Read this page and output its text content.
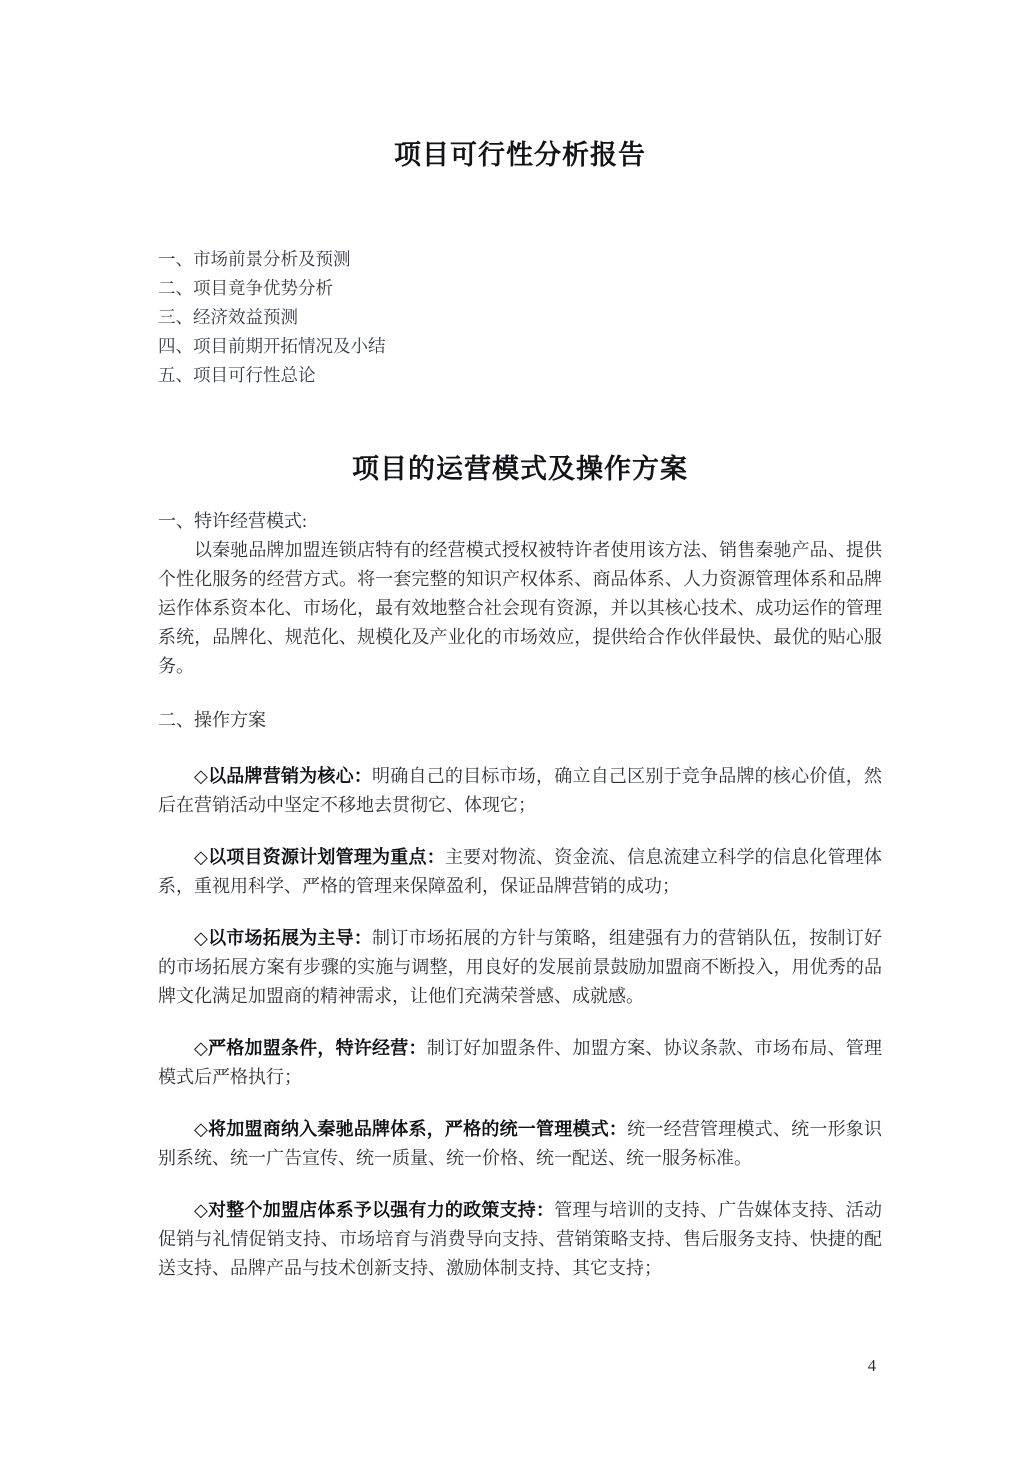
项目可行性分析报告
一、市场前景分析及预测
二、项目竟争优势分析
三、经济效益预测
四、项目前期开拓情况及小结
五、项目可行性总论
项目的运营模式及操作方案
一、特许经营模式:

以秦驰品牌加盟连锁店特有的经营模式授权被特许者使用该方法、销售秦驰产品、提供个性化服务的经营方式。将一套完整的知识产权体系、商品体系、人力资源管理体系和品牌运作体系资本化、市场化，最有效地整合社会现有资源，并以其核心技术、成功运作的管理系统，品牌化、规范化、规模化及产业化的市场效应，提供给合作伙伴最快、最优的贴心服务。

二、操作方案

◇以品牌营销为核心：明确自己的目标市场，确立自己区别于竞争品牌的核心价值，然后在营销活动中坚定不移地去贯彻它、体现它；

◇以项目资源计划管理为重点：主要对物流、资金流、信息流建立科学的信息化管理体系，重视用科学、严格的管理来保障盈利，保证品牌营销的成功；

◇以市场拓展为主导：制订市场拓展的方针与策略，组建强有力的营销队伍，按制订好的市场拓展方案有步骤的实施与调整，用良好的发展前景鼓励加盟商不断投入，用优秀的品牌文化满足加盟商的精神需求，让他们充满荣誉感、成就感。

◇严格加盟条件，特许经营：制订好加盟条件、加盟方案、协议条款、市场布局、管理模式后严格执行；

◇将加盟商纳入秦驰品牌体系，严格的统一管理模式：统一经营管理模式、统一形象识别系统、统一广告宣传、统一质量、统一价格、统一配送、统一服务标准。

◇对整个加盟店体系予以强有力的政策支持：管理与培训的支持、广告媒体支持、活动促销与礼情促销支持、市场培育与消费导向支持、营销策略支持、售后服务支持、快捷的配送支持、品牌产品与技术创新支持、激励体制支持、其它支持；

4
